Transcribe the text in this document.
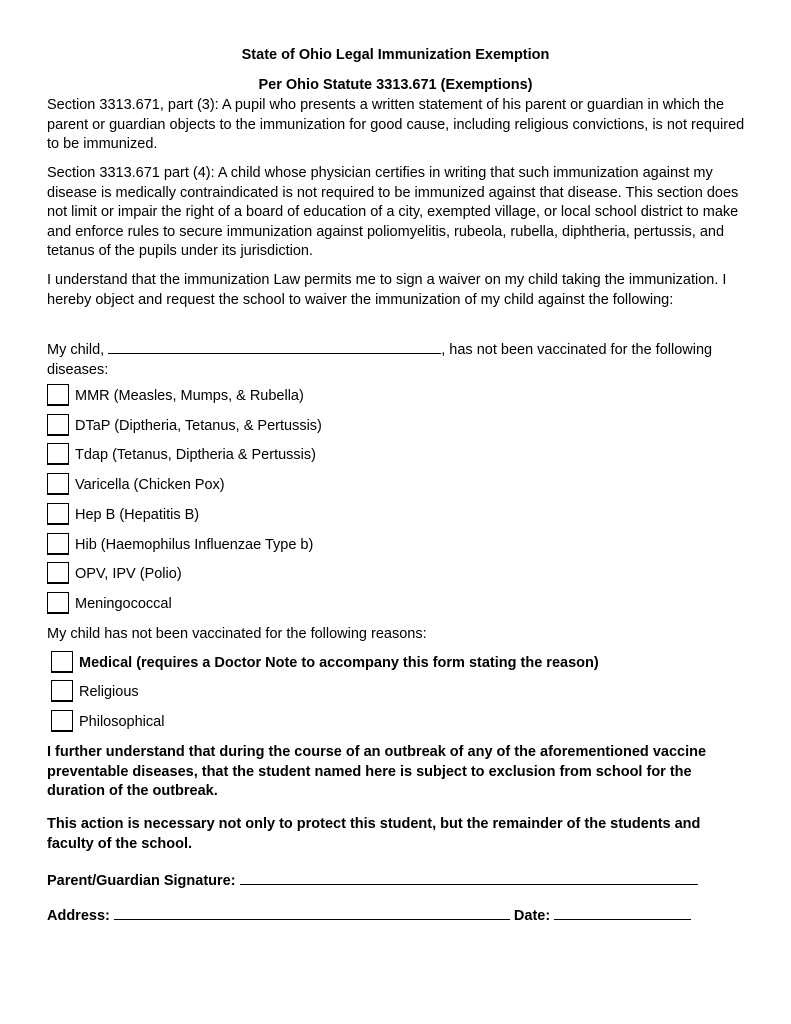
State of Ohio Legal Immunization Exemption
Per Ohio Statute 3313.671 (Exemptions)

Section 3313.671, part (3): A pupil who presents a written statement of his parent or guardian in which the parent or guardian objects to the immunization for good cause, including religious convictions, is not required to be immunized.

Section 3313.671 part (4): A child whose physician certifies in writing that such immunization against my disease is medically contraindicated is not required to be immunized against that disease. This section does not limit or impair the right of a board of education of a city, exempted village, or local school district to make and enforce rules to secure immunization against poliomyelitis, rubeola, rubella, diphtheria, pertussis, and tetanus of the pupils under its jurisdiction.

I understand that the immunization Law permits me to sign a waiver on my child taking the immunization. I hereby object and request the school to waiver the immunization of my child against the following:

My child,	, has not been vaccinated for the following diseases:

MMR (Measles, Mumps, & Rubella)
DTaP (Diptheria, Tetanus, & Pertussis)
Tdap (Tetanus, Diptheria & Pertussis)
Varicella (Chicken Pox)
Hep B (Hepatitis B)
Hib (Haemophilus Influenzae Type b)
OPV, IPV (Polio)
Meningococcal

My child has not been vaccinated for the following reasons:

Medical (requires a Doctor Note to accompany this form stating the reason)
Religious
Philosophical

I further understand that during the course of an outbreak of any of the aforementioned vaccine preventable diseases, that the student named here is subject to exclusion from school for the duration of the outbreak.

This action is necessary not only to protect this student, but the remainder of the students and faculty of the school.

Parent/Guardian Signature:

Address:	Date:
